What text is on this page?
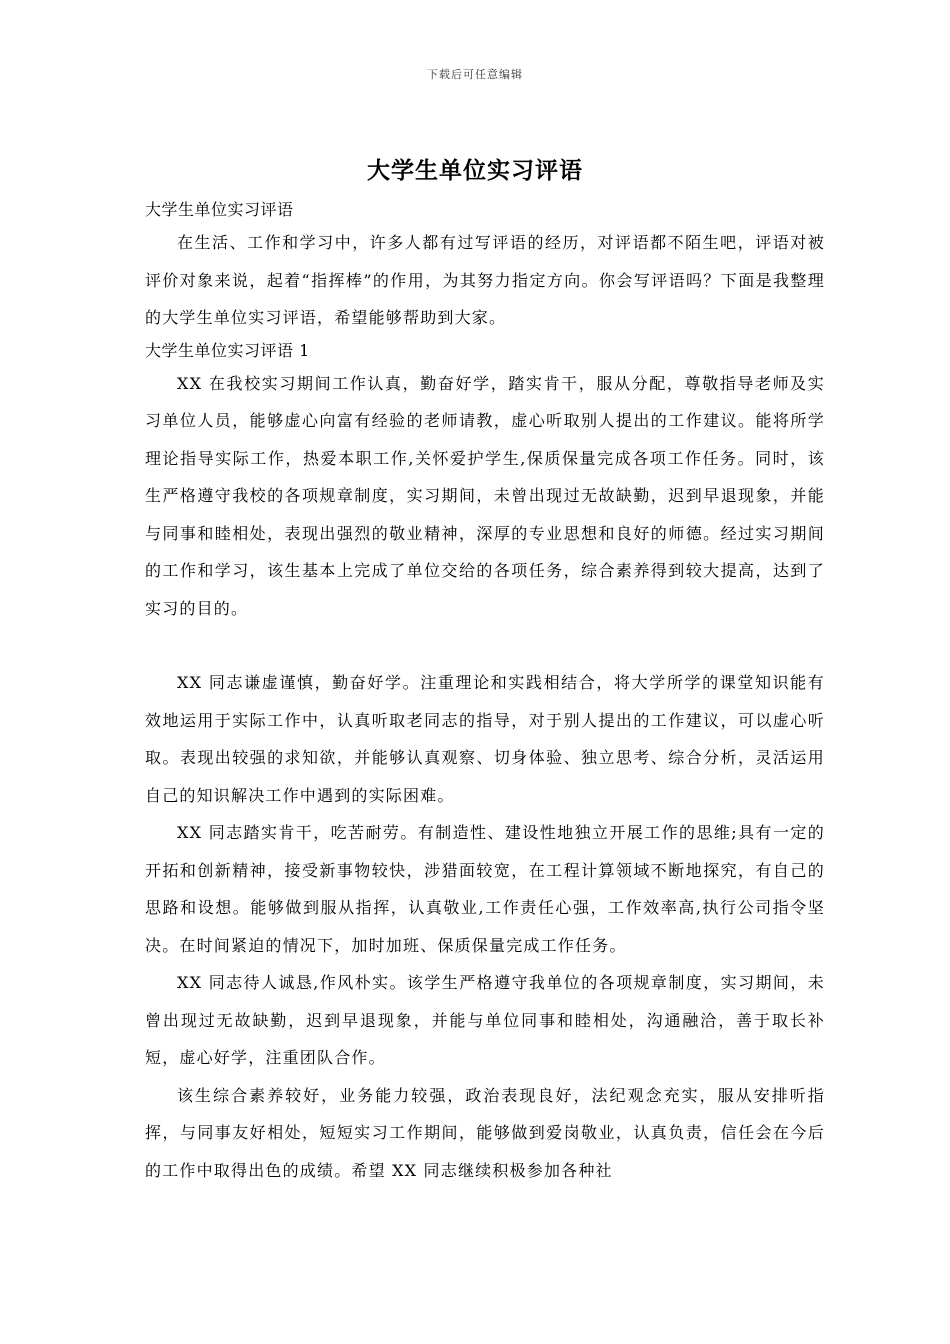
下载后可任意编辑
大学生单位实习评语
大学生单位实习评语

在生活、工作和学习中，许多人都有过写评语的经历，对评语都不陌生吧，评语对被评价对象来说，起着“指挥棒”的作用，为其努力指定方向。你会写评语吗？下面是我整理的大学生单位实习评语，希望能够帮助到大家。

大学生单位实习评语 1

XX 在我校实习期间工作认真，勤奋好学，踏实肯干，服从分配，尊敬指导老师及实习单位人员，能够虚心向富有经验的老师请教，虚心听取别人提出的工作建议。能将所学理论指导实际工作，热爱本职工作,关怀爱护学生,保质保量完成各项工作任务。同时，该生严格遵守我校的各项规章制度，实习期间，未曾出现过无故缺勤，迟到早退现象，并能与同事和睦相处，表现出强烈的敬业精神，深厚的专业思想和良好的师德。经过实习期间的工作和学习，该生基本上完成了单位交给的各项任务，综合素养得到较大提高，达到了实习的目的。

XX 同志谦虚谨慎，勤奋好学。注重理论和实践相结合，将大学所学的课堂知识能有效地运用于实际工作中，认真听取老同志的指导，对于别人提出的工作建议，可以虚心听取。表现出较强的求知欲，并能够认真观察、切身体验、独立思考、综合分析，灵活运用自己的知识解决工作中遇到的实际困难。

XX 同志踏实肯干，吃苦耐劳。有制造性、建设性地独立开展工作的思维;具有一定的开拓和创新精神，接受新事物较快，涉猎面较宽，在工程计算领域不断地探究，有自己的思路和设想。能够做到服从指挥，认真敬业,工作责任心强，工作效率高,执行公司指令坚决。在时间紧迫的情况下，加时加班、保质保量完成工作任务。

XX 同志待人诚恳,作风朴实。该学生严格遵守我单位的各项规章制度，实习期间，未曾出现过无故缺勤，迟到早退现象，并能与单位同事和睦相处，沟通融洽，善于取长补短，虚心好学，注重团队合作。

该生综合素养较好，业务能力较强，政治表现良好，法纪观念充实，服从安排听指挥，与同事友好相处，短短实习工作期间，能够做到爱岗敬业，认真负责，信任会在今后的工作中取得出色的成绩。希望 XX 同志继续积极参加各种社
